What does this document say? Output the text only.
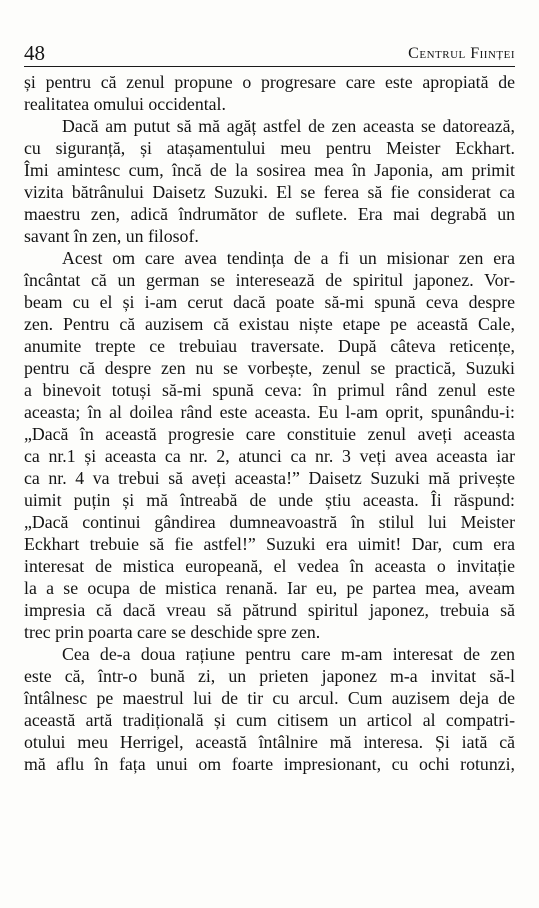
48	Centrul Ființei
și pentru că zenul propune o progresare care este apropiată de
realitatea omului occidental.
Dacă am putut să mă agăț astfel de zen aceasta se datorează,
cu siguranță, și atașamentului meu pentru Meister Eckhart.
Îmi amintesc cum, încă de la sosirea mea în Japonia, am primit
vizita bătrânului Daisetz Suzuki. El se ferea să fie considerat ca
maestru zen, adică îndrumător de suflete. Era mai degrabă un
savant în zen, un filosof.
Acest om care avea tendința de a fi un misionar zen era
încântat că un german se interesează de spiritul japonez. Vor-
beam cu el și i-am cerut dacă poate să-mi spună ceva despre
zen. Pentru că auzisem că existau niște etape pe această Cale,
anumite trepte ce trebuiau traversate. După câteva reticențe,
pentru că despre zen nu se vorbește, zenul se practică, Suzuki
a binevoit totuși să-mi spună ceva: în primul rând zenul este
aceasta; în al doilea rând este aceasta. Eu l-am oprit, spunându-i:
„Dacă în această progresie care constituie zenul aveți aceasta
ca nr.1 și aceasta ca nr. 2, atunci ca nr. 3 veți avea aceasta iar
ca nr. 4 va trebui să aveți aceasta!” Daisetz Suzuki mă privește
uimit puțin și mă întreabă de unde știu aceasta. Îi răspund:
„Dacă continui gândirea dumneavoastră în stilul lui Meister
Eckhart trebuie să fie astfel!” Suzuki era uimit! Dar, cum era
interesat de mistica europeană, el vedea în aceasta o invitație
la a se ocupa de mistica renană. Iar eu, pe partea mea, aveam
impresia că dacă vreau să pătrund spiritul japonez, trebuia să
trec prin poarta care se deschide spre zen.
Cea de-a doua rațiune pentru care m-am interesat de zen
este că, într-o bună zi, un prieten japonez m-a invitat să-l
întâlnesc pe maestrul lui de tir cu arcul. Cum auzisem deja de
această artă tradițională și cum citisem un articol al compatri-
otului meu Herrigel, această întâlnire mă interesa. Și iată că
mă aflu în fața unui om foarte impresionant, cu ochi rotunzi,
